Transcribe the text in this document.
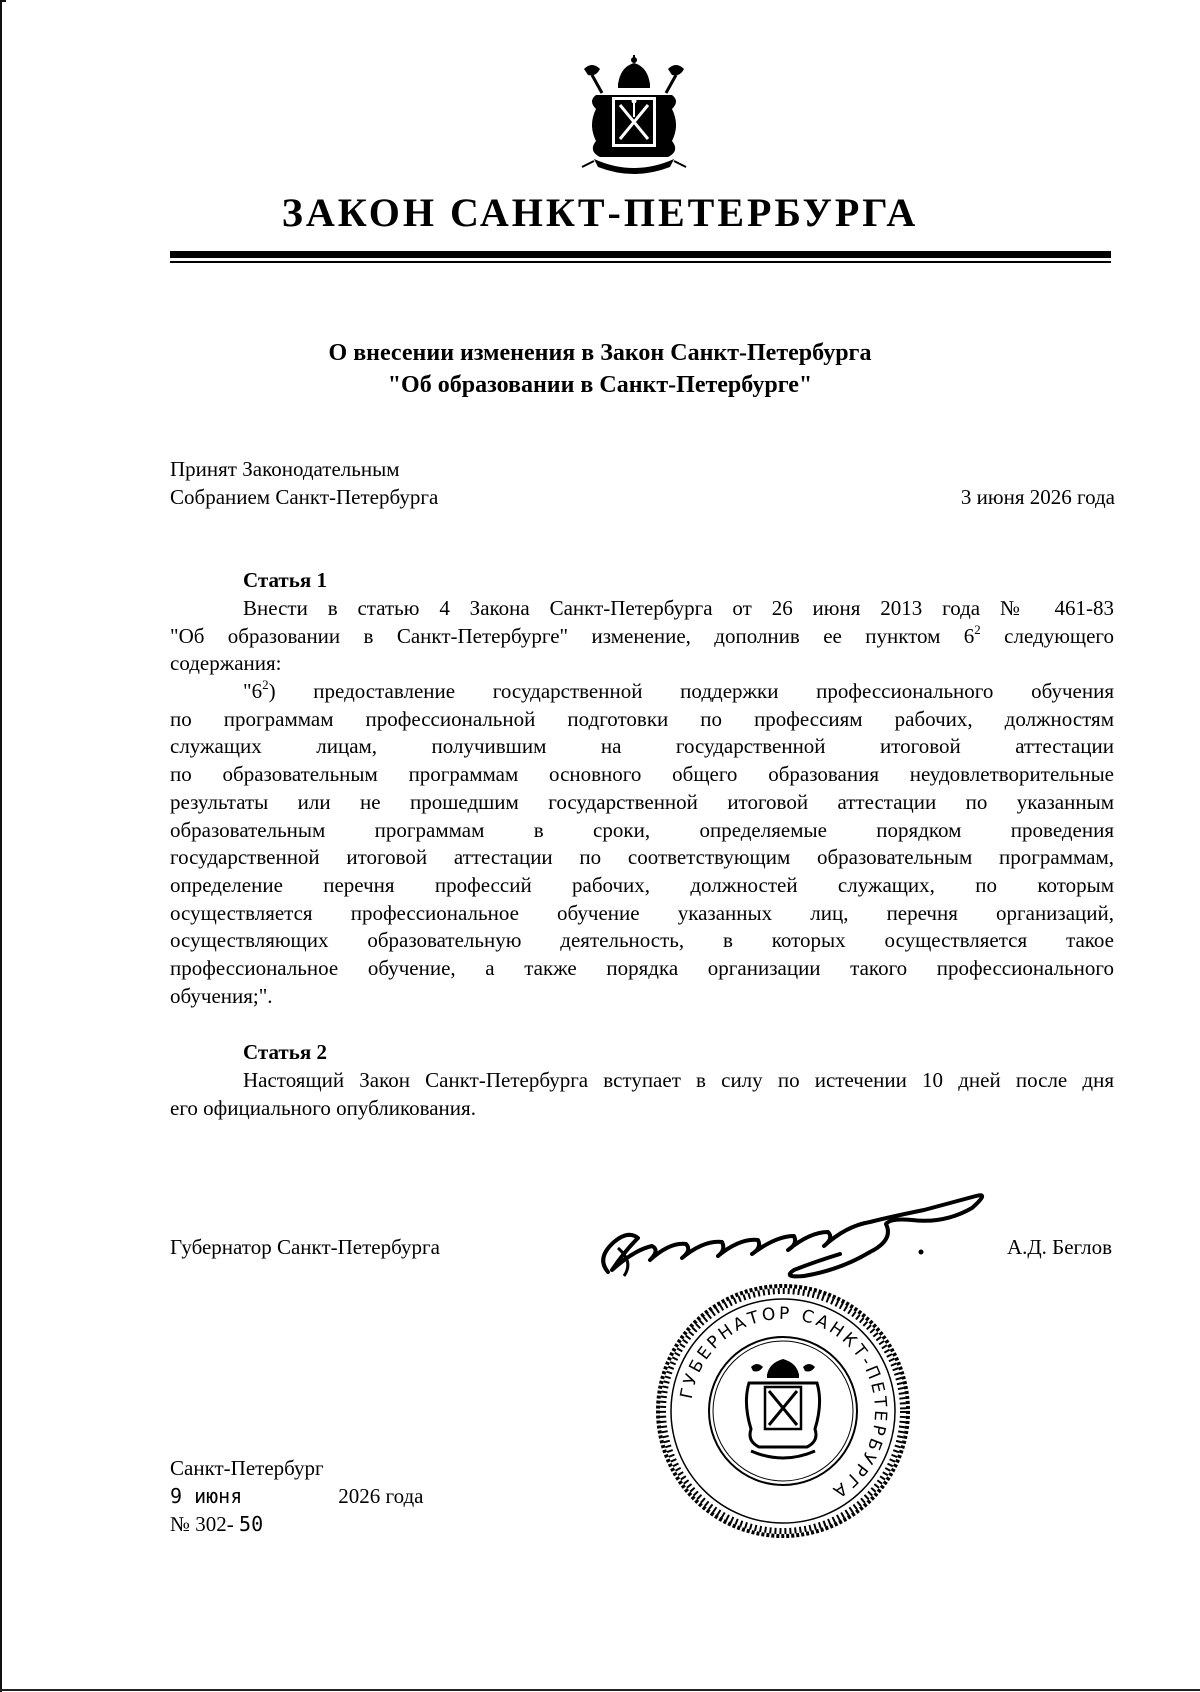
ЗАКОН САНКТ-ПЕТЕРБУРГА
О внесении изменения в Закон Санкт-Петербурга
"Об образовании в Санкт-Петербурге"
Принят Законодательным
Собранием Санкт-Петербурга	3 июня 2026 года
Статья 1
Внести в статью 4 Закона Санкт-Петербурга от 26 июня 2013 года № 461-83
"Об образовании в Санкт-Петербурге" изменение, дополнив ее пунктом $6^2$ следующего
содержания:
"$6^2$) предоставление государственной поддержки профессионального обучения
по программам профессиональной подготовки по профессиям рабочих, должностям
служащих лицам, получившим на государственной итоговой аттестации
по образовательным программам основного общего образования неудовлетворительные
результаты или не прошедшим государственной итоговой аттестации по указанным
образовательным программам в сроки, определяемые порядком проведения
государственной итоговой аттестации по соответствующим образовательным программам,
определение перечня профессий рабочих, должностей служащих, по которым
осуществляется профессиональное обучение указанных лиц, перечня организаций,
осуществляющих образовательную деятельность, в которых осуществляется такое
профессиональное обучение, а также порядка организации такого профессионального
обучения;".
Статья 2
Настоящий Закон Санкт-Петербурга вступает в силу по истечении 10 дней после дня
его официального опубликования.
Губернатор Санкт-Петербурга	А.Д. Беглов
ГУБЕРНАТОР САНКТ-ПЕТЕРБУРГА
Санкт-Петербург
9 июня	2026 года
№ 302- 50
